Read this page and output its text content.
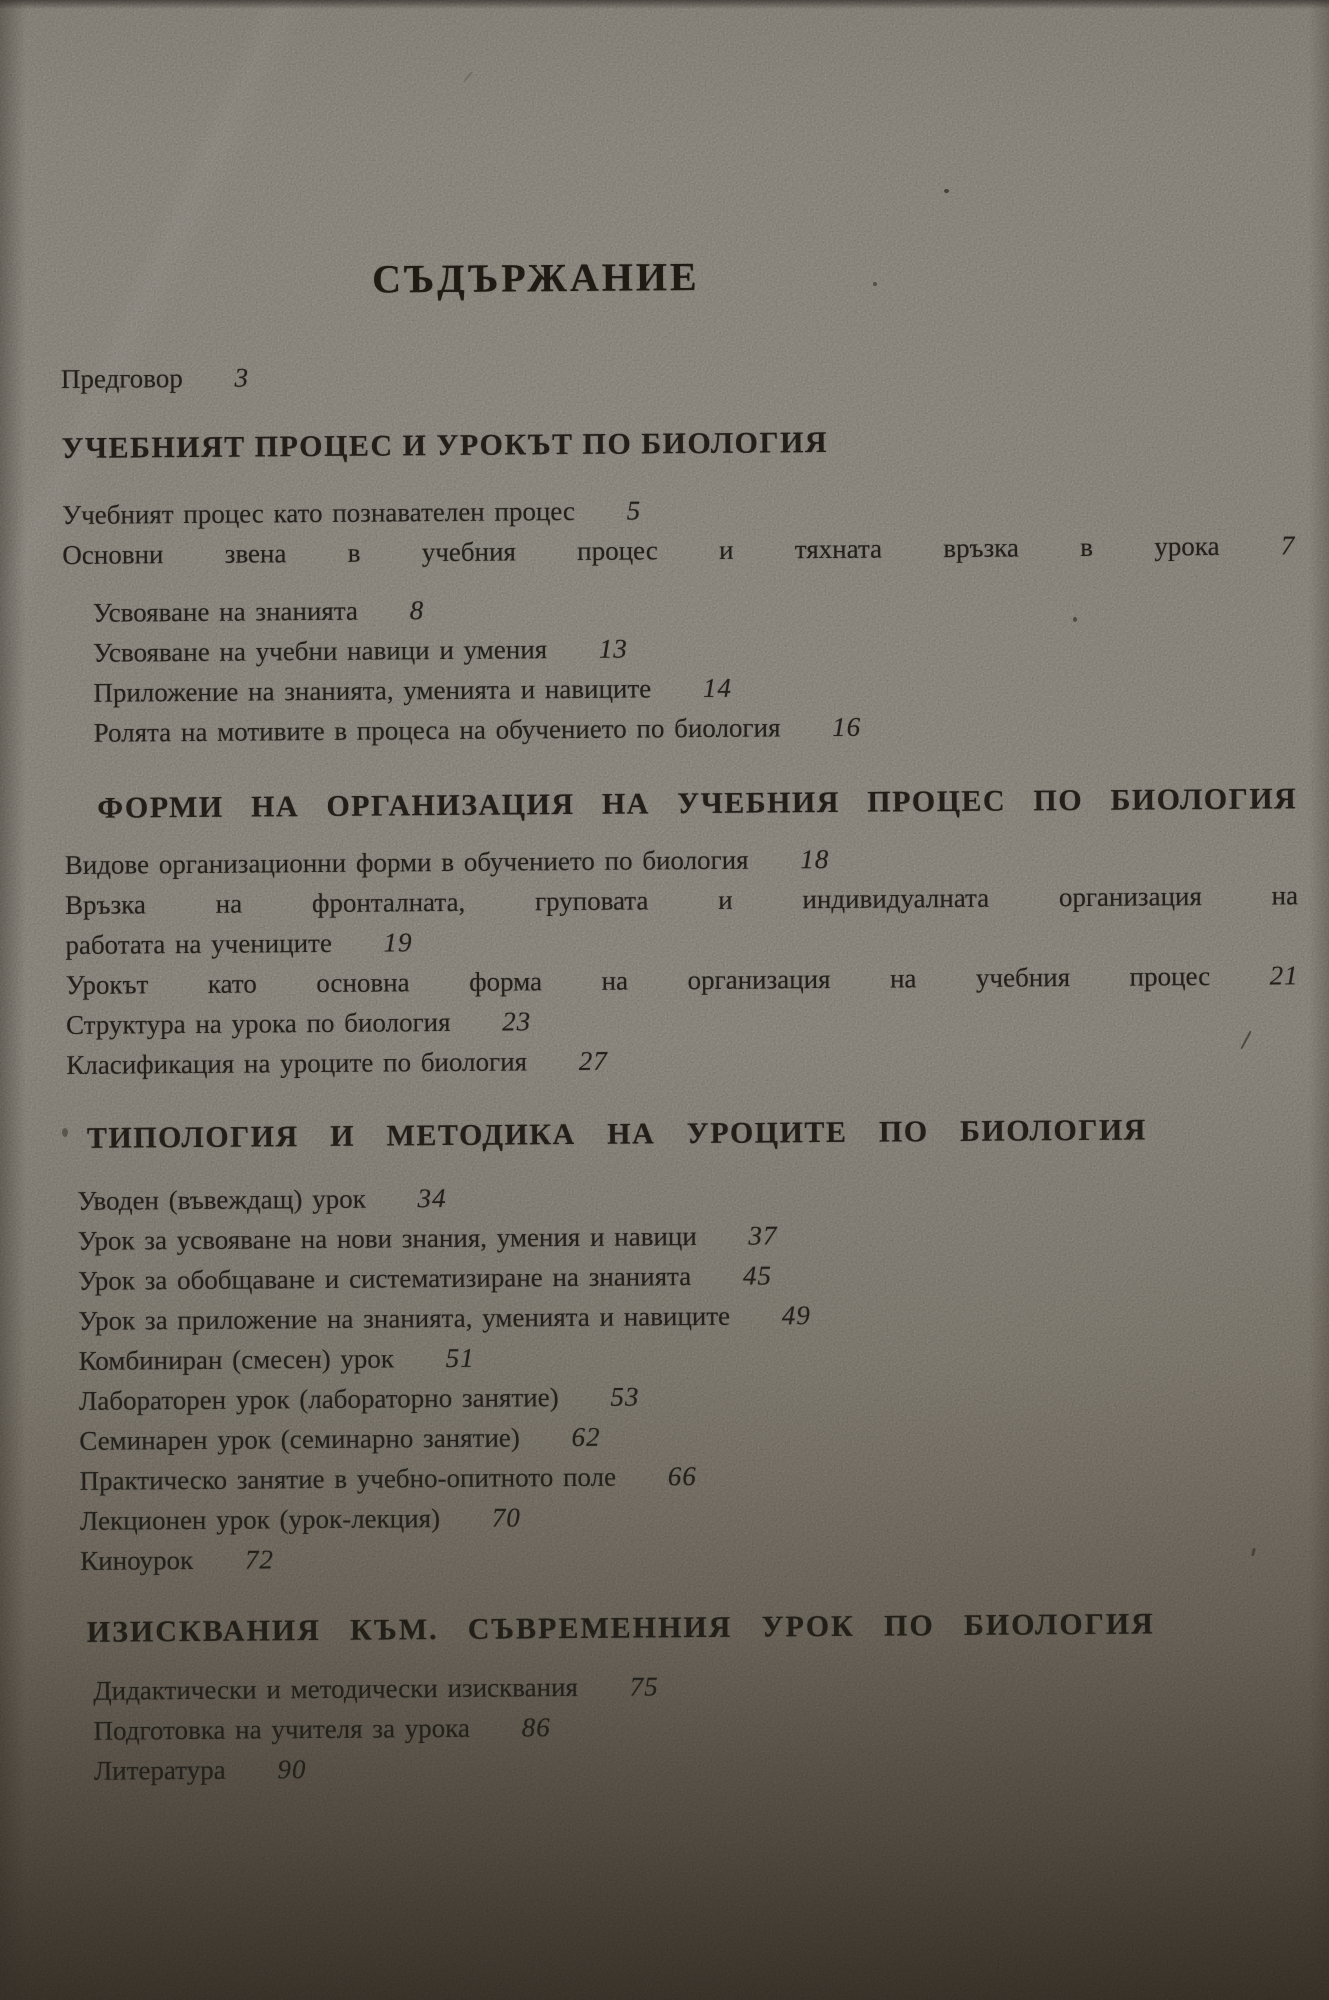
СЪДЪРЖАНИЕ
Предговор 3
УЧЕБНИЯТ ПРОЦЕС И УРОКЪТ ПО БИОЛОГИЯ
Учебният процес като познавателен процес 5
Основни звена в учебния процес и тяхната връзка в урока 7
Усвояване на знанията 8
Усвояване на учебни навици и умения 13
Приложение на знанията, уменията и навиците 14
Ролята на мотивите в процеса на обучението по биология 16
ФОРМИ НА ОРГАНИЗАЦИЯ НА УЧЕБНИЯ ПРОЦЕС ПО БИОЛОГИЯ
Видове организационни форми в обучението по биология 18
Връзка на фронталната, груповата и индивидуалната организация на
работата на учениците 19
Урокът като основна форма на организация на учебния процес 21
Структура на урока по биология 23
Класификация на уроците по биология 27
ТИПОЛОГИЯ И МЕТОДИКА НА УРОЦИТЕ ПО БИОЛОГИЯ
Уводен (въвеждащ) урок 34
Урок за усвояване на нови знания, умения и навици 37
Урок за обобщаване и систематизиране на знанията 45
Урок за приложение на знанията, уменията и навиците 49
Комбиниран (смесен) урок 51
Лабораторен урок (лабораторно занятие) 53
Семинарен урок (семинарно занятие) 62
Практическо занятие в учебно-опитното поле 66
Лекционен урок (урок-лекция) 70
Киноурок 72
ИЗИСКВАНИЯ КЪМ. СЪВРЕМЕННИЯ УРОК ПО БИОЛОГИЯ
Дидактически и методически изисквания 75
Подготовка на учителя за урока 86
Литература 90
